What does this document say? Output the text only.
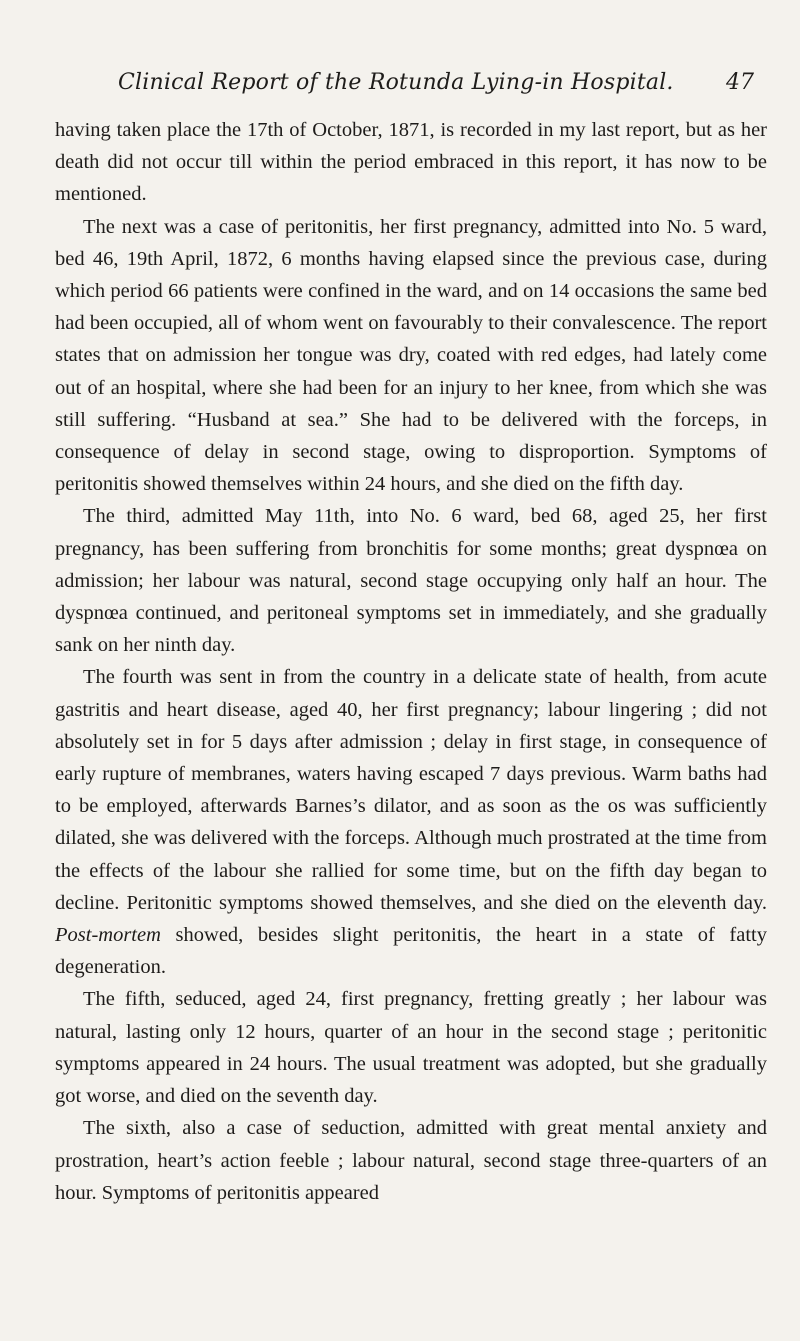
Clinical Report of the Rotunda Lying-in Hospital. 47

having taken place the 17th of October, 1871, is recorded in my last report, but as her death did not occur till within the period embraced in this report, it has now to be mentioned.

The next was a case of peritonitis, her first pregnancy, admitted into No. 5 ward, bed 46, 19th April, 1872, 6 months having elapsed since the previous case, during which period 66 patients were confined in the ward, and on 14 occasions the same bed had been occupied, all of whom went on favourably to their convalescence. The report states that on admission her tongue was dry, coated with red edges, had lately come out of an hospital, where she had been for an injury to her knee, from which she was still suffering. “Husband at sea.” She had to be delivered with the forceps, in consequence of delay in second stage, owing to disproportion. Symptoms of peritonitis showed themselves within 24 hours, and she died on the fifth day.

The third, admitted May 11th, into No. 6 ward, bed 68, aged 25, her first pregnancy, has been suffering from bronchitis for some months; great dyspnœa on admission; her labour was natural, second stage occupying only half an hour. The dyspnœa continued, and peritoneal symptoms set in immediately, and she gradually sank on her ninth day.

The fourth was sent in from the country in a delicate state of health, from acute gastritis and heart disease, aged 40, her first pregnancy; labour lingering ; did not absolutely set in for 5 days after admission ; delay in first stage, in consequence of early rupture of membranes, waters having escaped 7 days previous. Warm baths had to be employed, afterwards Barnes’s dilator, and as soon as the os was sufficiently dilated, she was delivered with the forceps. Although much prostrated at the time from the effects of the labour she rallied for some time, but on the fifth day began to decline. Peritonitic symptoms showed themselves, and she died on the eleventh day. Post-mortem showed, besides slight peritonitis, the heart in a state of fatty degeneration.

The fifth, seduced, aged 24, first pregnancy, fretting greatly ; her labour was natural, lasting only 12 hours, quarter of an hour in the second stage ; peritonitic symptoms appeared in 24 hours. The usual treatment was adopted, but she gradually got worse, and died on the seventh day.

The sixth, also a case of seduction, admitted with great mental anxiety and prostration, heart’s action feeble ; labour natural, second stage three-quarters of an hour. Symptoms of peritonitis appeared
